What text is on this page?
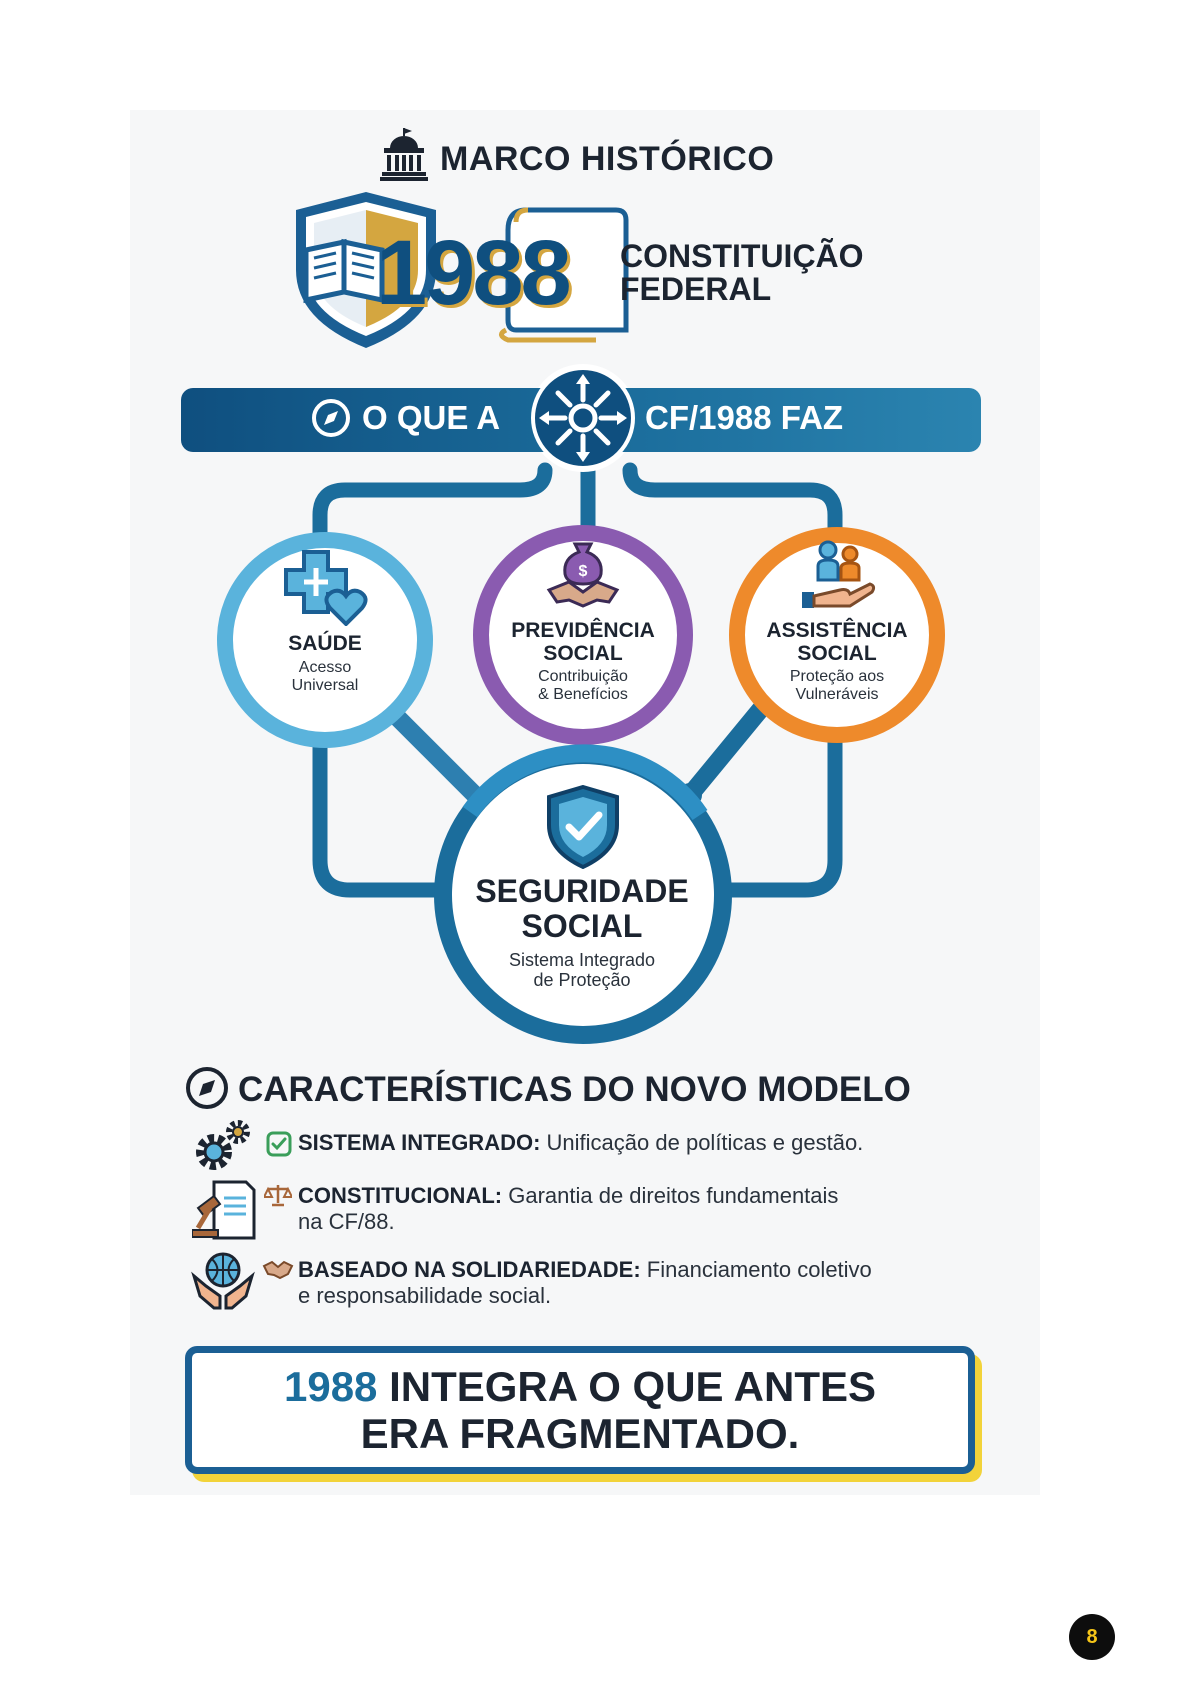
O QUE A	CF/1988 FAZ
MARCO HISTÓRICO
1988 CONSTITUIÇÃO
FEDERAL
SAÚDE
Acesso
Universal
$
PREVIDÊNCIA
SOCIAL
Contribuição
& Benefícios
ASSISTÊNCIA
SOCIAL
Proteção aos
Vulneráveis
SEGURIDADE
SOCIAL
Sistema Integrado
de Proteção
CARACTERÍSTICAS DO NOVO MODELO
SISTEMA INTEGRADO: Unificação de políticas e gestão.
CONSTITUCIONAL: Garantia de direitos fundamentais
na CF/88.
BASEADO NA SOLIDARIEDADE: Financiamento coletivo
e responsabilidade social.
1988 INTEGRA O QUE ANTES
ERA FRAGMENTADO.
8
